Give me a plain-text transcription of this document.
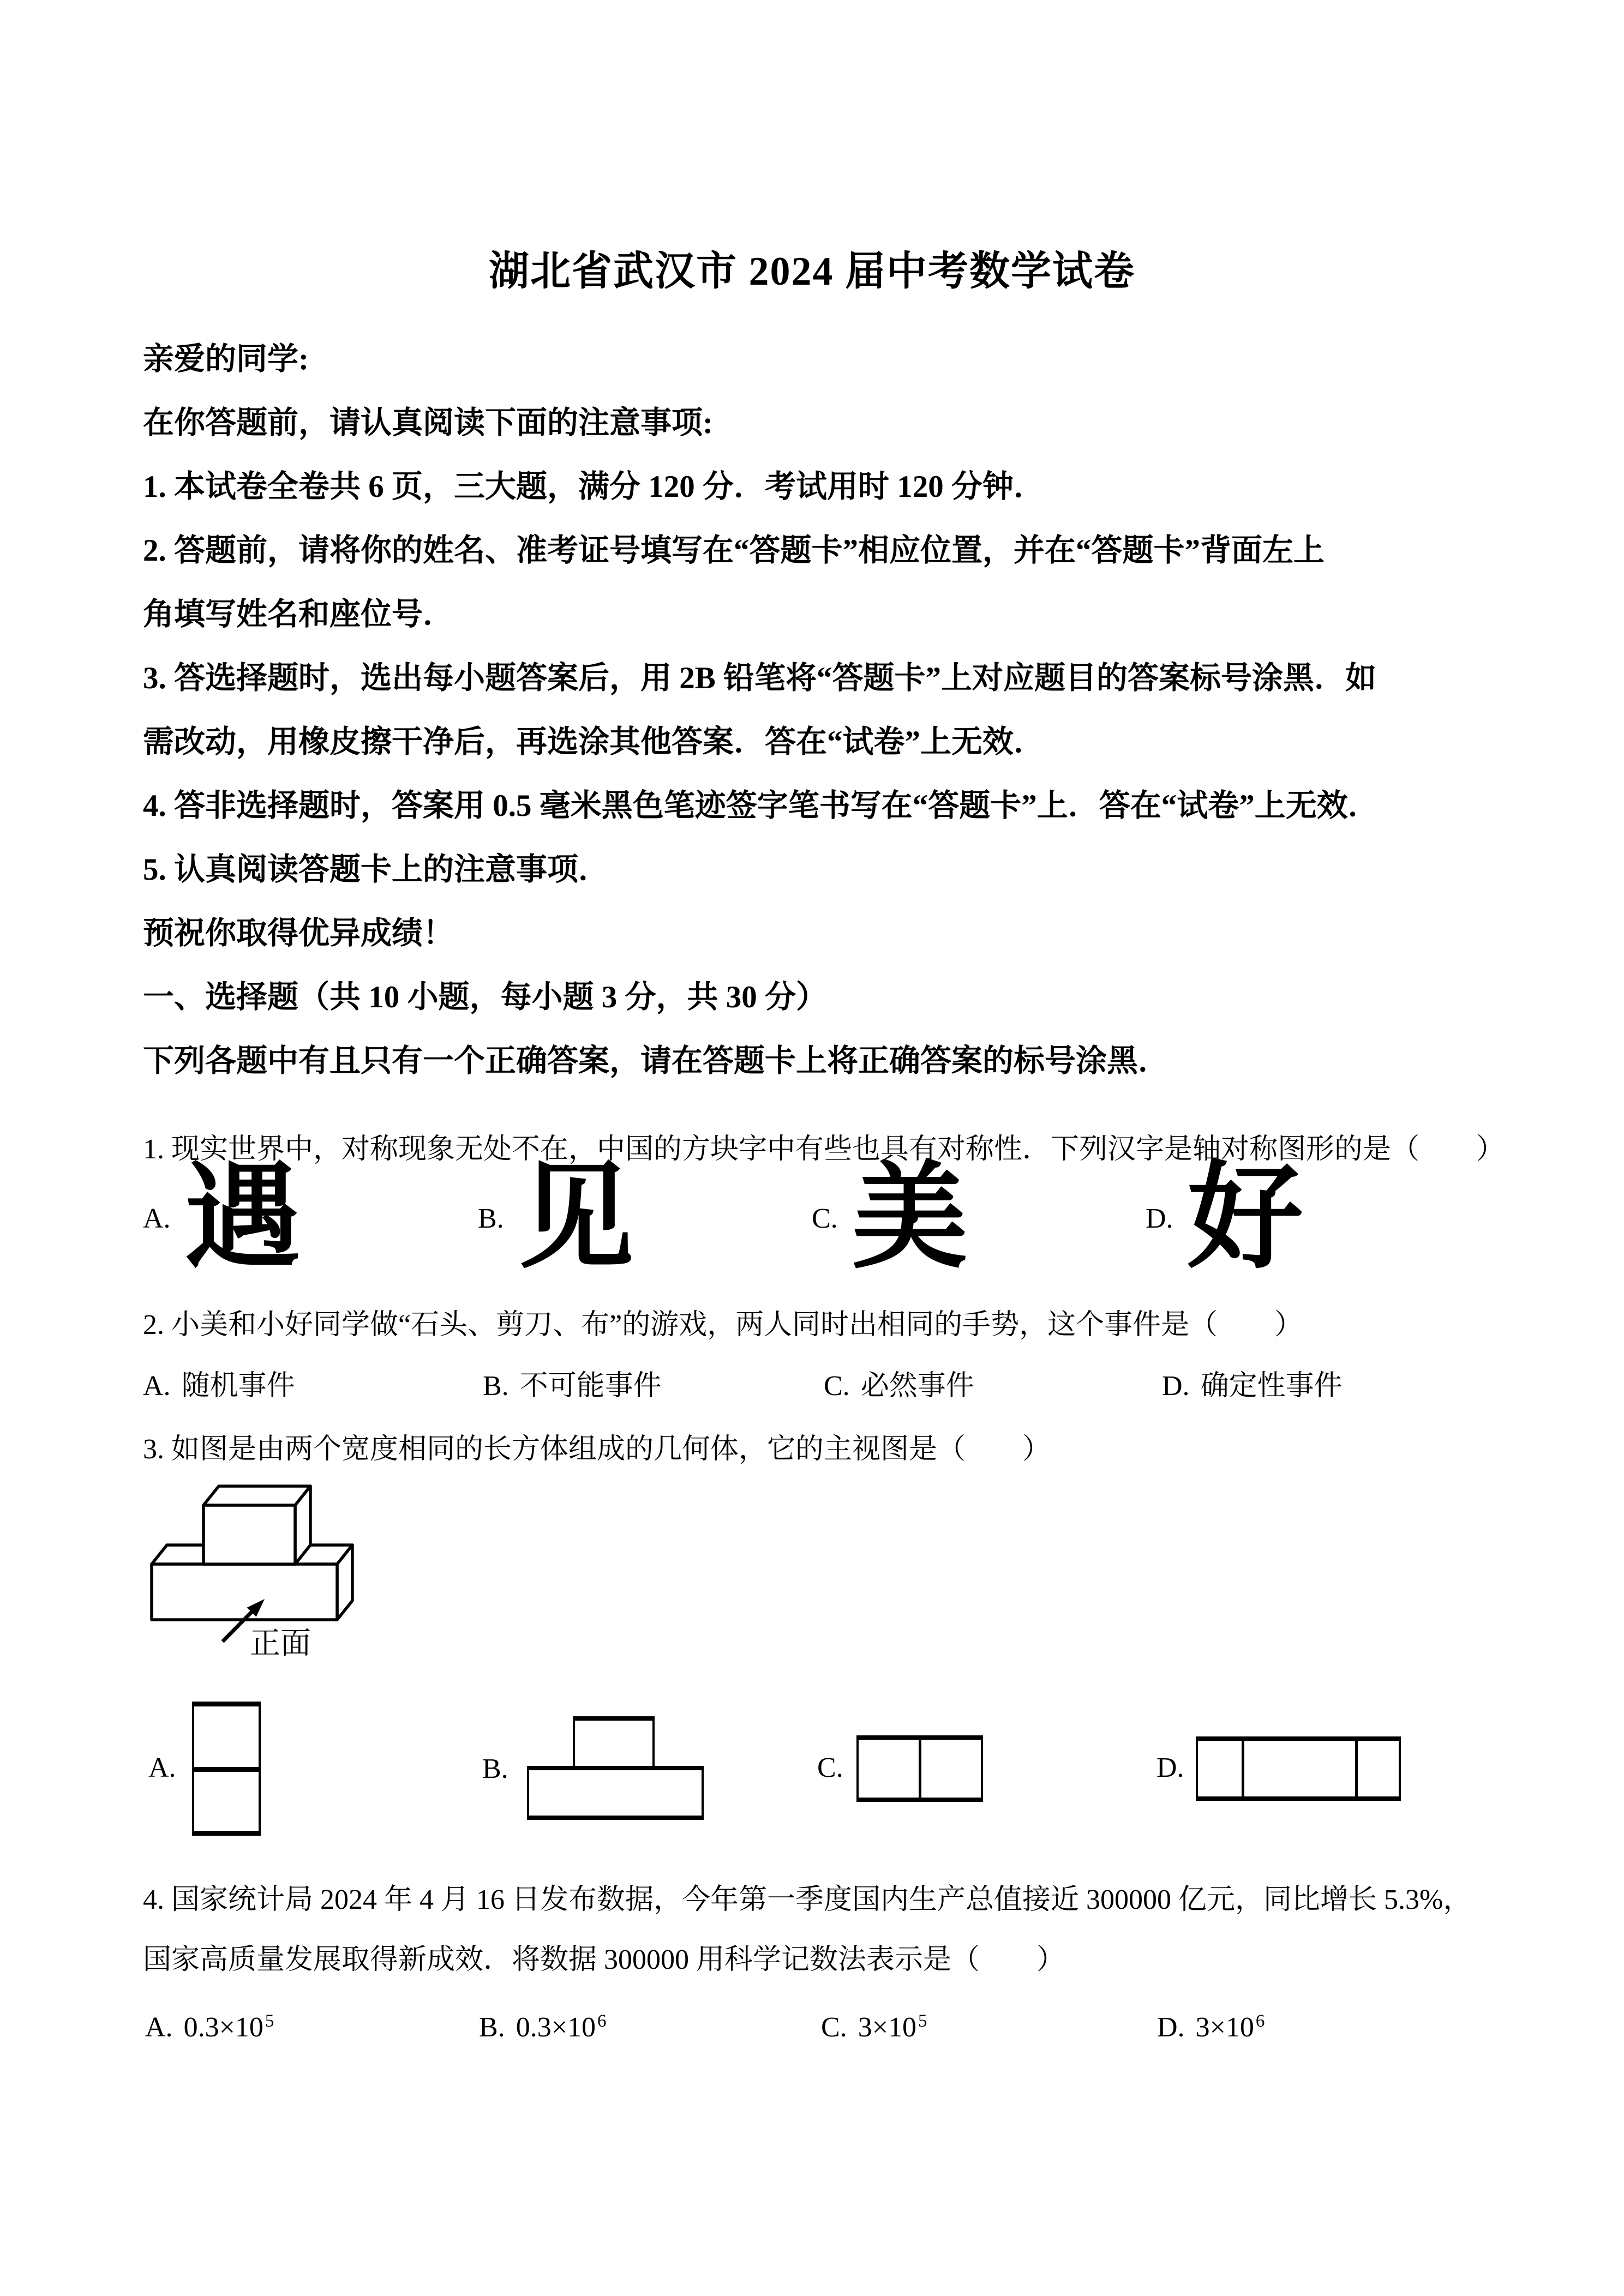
湖北省武汉市 2024 届中考数学试卷
亲爱的同学:
在你答题前，请认真阅读下面的注意事项:
1. 本试卷全卷共 6 页，三大题，满分 120 分．考试用时 120 分钟．
2. 答题前，请将你的姓名、准考证号填写在“答题卡”相应位置，并在“答题卡”背面左上
角填写姓名和座位号．
3. 答选择题时，选出每小题答案后，用 2B 铅笔将“答题卡”上对应题目的答案标号涂黑．如
需改动，用橡皮擦干净后，再选涂其他答案．答在“试卷”上无效．
4. 答非选择题时，答案用 0.5 毫米黑色笔迹签字笔书写在“答题卡”上．答在“试卷”上无效．
5. 认真阅读答题卡上的注意事项．
预祝你取得优异成绩！
一、选择题（共 10 小题，每小题 3 分，共 30 分）
下列各题中有且只有一个正确答案，请在答题卡上将正确答案的标号涂黑．
1. 现实世界中，对称现象无处不在，中国的方块字中有些也具有对称性．下列汉字是轴对称图形的是（　　）
A. 遇	B. 见	C. 美	D. 好
2. 小美和小好同学做“石头、剪刀、布”的游戏，两人同时出相同的手势，这个事件是（　　）
A. 随机事件	B. 不可能事件	C. 必然事件	D. 确定性事件
3. 如图是由两个宽度相同的长方体组成的几何体，它的主视图是（　　）
正面
A.	B.	C.	D.
4. 国家统计局 2024 年 4 月 16 日发布数据，今年第一季度国内生产总值接近 300000 亿元，同比增长 5.3%，
国家高质量发展取得新成效．将数据 300000 用科学记数法表示是（　　）
A. $0.3\times 10^5$	B. $0.3\times 10^6$	C. $3\times 10^5$	D. $3\times 10^6$
